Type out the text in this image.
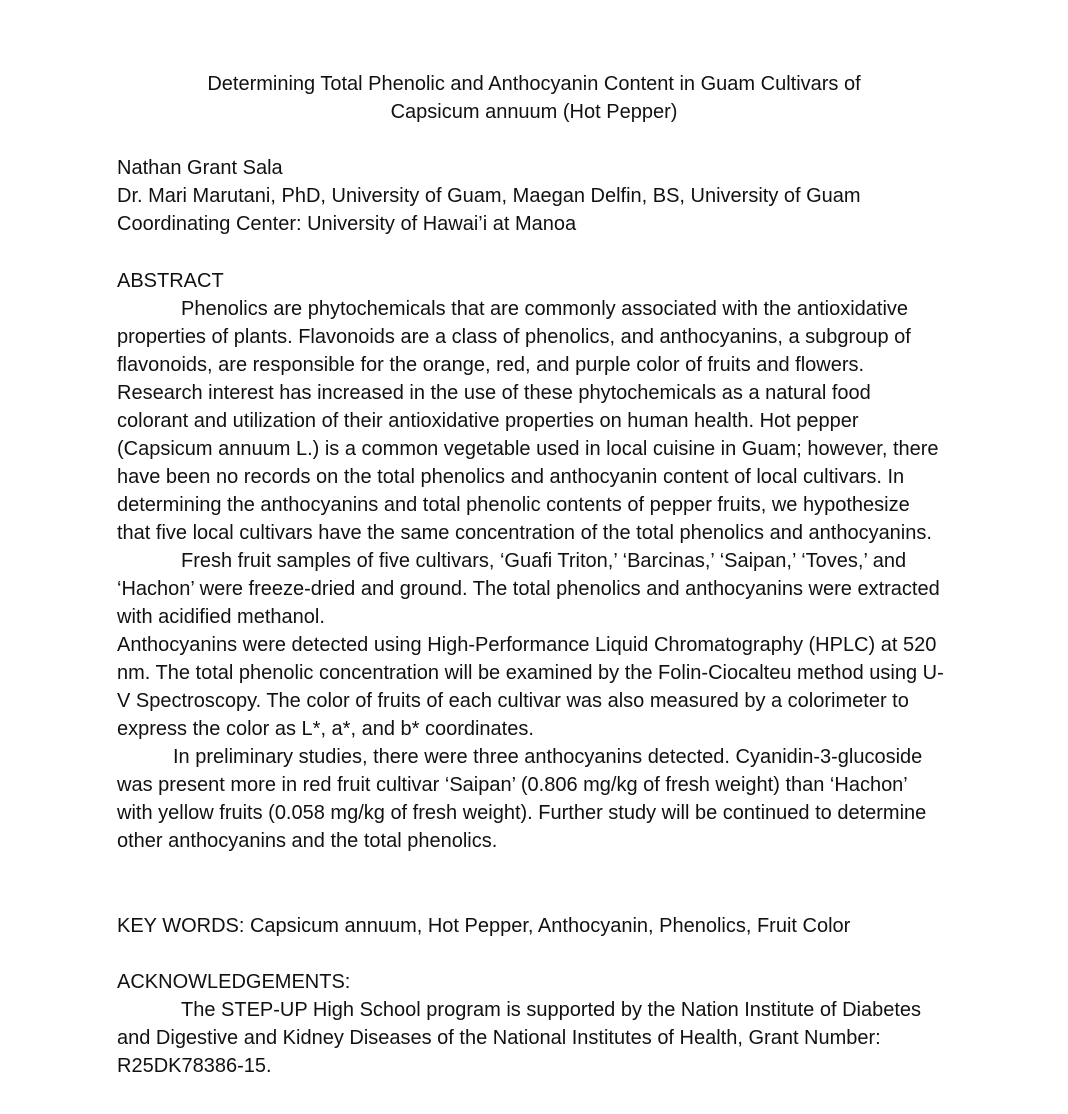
Determining Total Phenolic and Anthocyanin Content in Guam Cultivars of
Capsicum annuum (Hot Pepper)
Nathan Grant Sala
Dr. Mari Marutani, PhD, University of Guam, Maegan Delfin, BS, University of Guam
Coordinating Center: University of Hawai’i at Manoa
ABSTRACT
Phenolics are phytochemicals that are commonly associated with the antioxidative properties of plants. Flavonoids are a class of phenolics, and anthocyanins, a subgroup of flavonoids, are responsible for the orange, red, and purple color of fruits and flowers. Research interest has increased in the use of these phytochemicals as a natural food colorant and utilization of their antioxidative properties on human health. Hot pepper (Capsicum annuum L.) is a common vegetable used in local cuisine in Guam; however, there have been no records on the total phenolics and anthocyanin content of local cultivars. In determining the anthocyanins and total phenolic contents of pepper fruits, we hypothesize that five local cultivars have the same concentration of the total phenolics and anthocyanins.
Fresh fruit samples of five cultivars, ‘Guafi Triton,’ ‘Barcinas,’ ‘Saipan,’ ‘Toves,’ and ‘Hachon’ were freeze-dried and ground. The total phenolics and anthocyanins were extracted with acidified methanol.
Anthocyanins were detected using High-Performance Liquid Chromatography (HPLC) at 520 nm. The total phenolic concentration will be examined by the Folin-Ciocalteu method using U-V Spectroscopy. The color of fruits of each cultivar was also measured by a colorimeter to express the color as L*, a*, and b* coordinates.
In preliminary studies, there were three anthocyanins detected. Cyanidin-3-glucoside was present more in red fruit cultivar ‘Saipan’ (0.806 mg/kg of fresh weight) than ‘Hachon’ with yellow fruits (0.058 mg/kg of fresh weight). Further study will be continued to determine other anthocyanins and the total phenolics.
KEY WORDS: Capsicum annuum, Hot Pepper, Anthocyanin, Phenolics, Fruit Color
ACKNOWLEDGEMENTS:
The STEP-UP High School program is supported by the Nation Institute of Diabetes and Digestive and Kidney Diseases of the National Institutes of Health, Grant Number: R25DK78386-15.
